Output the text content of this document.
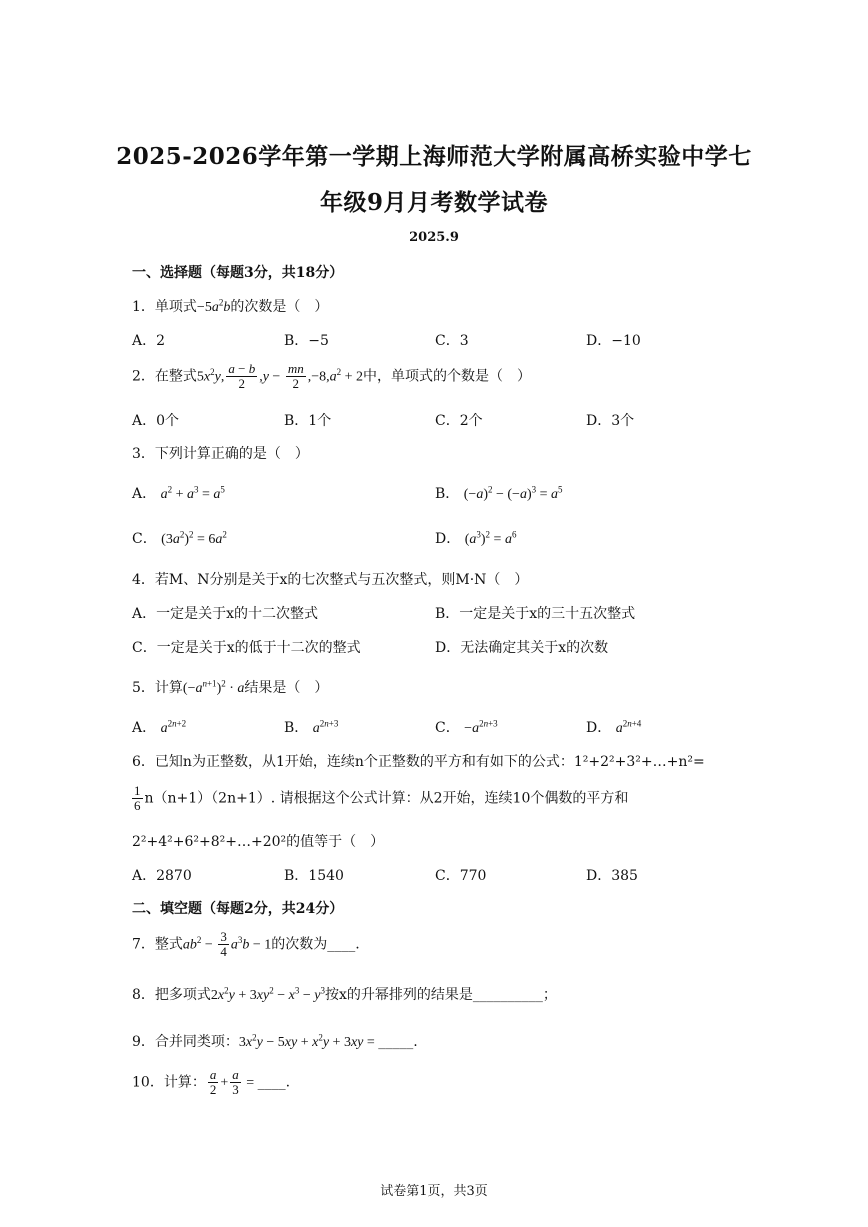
2025-2026学年第一学期上海师范大学附属高桥实验中学七
年级9月月考数学试卷
2025.9
一、选择题（每题3分，共18分）
1．单项式$-5a^2b$的次数是（　）
A．2	B．−5	C．3	D．−10
2．在整式$5x^2y$, $\frac{a - b}{2} ,y - \frac{mn}{2} ,-8,a^2 + 2$中，单项式的个数是（　）
A．0个	B．1个	C．2个	D．3个
3．下列计算正确的是（　）
A． $a^2 + a^3 = a^5$	B． $(-a)^2 - (-a)^3 = a^5$
C． $(3a^2)^2 = 6a^2$	D． $(a^3)^2 = a^6$
4．若M、N分别是关于x的七次整式与五次整式，则M·N（　）
A．一定是关于x的十二次整式	B．一定是关于x的三十五次整式
C．一定是关于x的低于十二次的整式	D．无法确定其关于x的次数
5．计算$(-a^{n+1})^2 \cdot a$结果是（　）
A． $a^{2n+2}$	B． $a^{2n+3}$	C． $-a^{2n+3}$	D． $a^{2n+4}$
6．已知n为正整数，从1开始，连续n个正整数的平方和有如下的公式：1²+2²+3²+…+n²=
$\frac{1}{6} n(n+1)(2n+1)$. 请根据这个公式计算：从2开始，连续10个偶数的平方和
2²+4²+6²+8²+…+20²的值等于（　）
A．2870	B．1540	C．770	D．385
二、填空题（每题2分，共24分）
7．整式$ab^2 - \frac{3}{4} a^3b - 1$的次数为____.
8．把多项式$2x^2y + 3xy^2 - x^3 - y^3$按x的升幂排列的结果是__________；
9．合并同类项：$3x^2y - 5xy + x^2y + 3xy$ = _____.
10．计算： $\frac{a}{2} + \frac{a}{3}$ = ____.
试卷第1页，共3页
